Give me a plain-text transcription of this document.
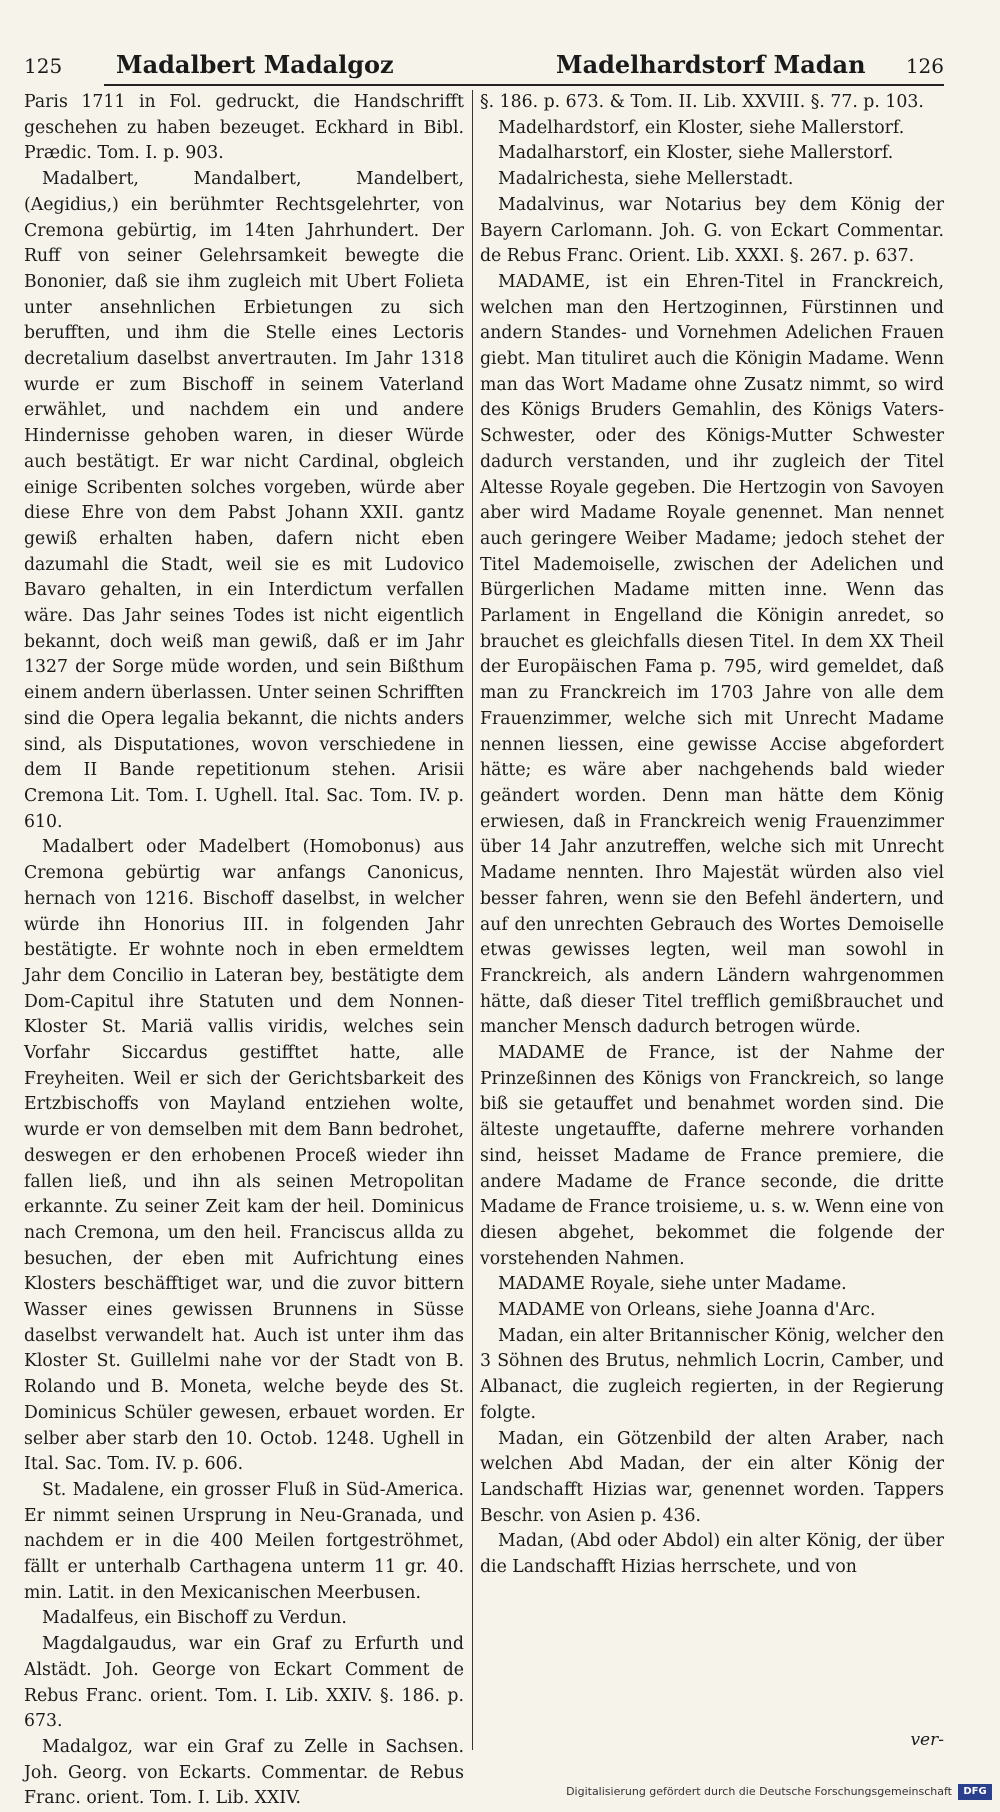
125 Madalbert Madalgoz	Madelhardstorf Madan 126

Paris 1711 in Fol. gedruckt, die Handschrifft geschehen zu haben bezeuget. Eckhard in Bibl. Prædic. Tom. I. p. 903.

Madalbert, Mandalbert, Mandelbert, (Aegidius,) ein berühmter Rechtsgelehrter, von Cremona gebürtig, im 14ten Jahrhundert. Der Ruff von seiner Gelehrsamkeit bewegte die Bononier, daß sie ihm zugleich mit Ubert Folieta unter ansehnlichen Erbietungen zu sich berufften, und ihm die Stelle eines Lectoris decretalium daselbst anvertrauten. Im Jahr 1318 wurde er zum Bischoff in seinem Vaterland erwählet, und nachdem ein und andere Hindernisse gehoben waren, in dieser Würde auch bestätigt. Er war nicht Cardinal, obgleich einige Scribenten solches vorgeben, würde aber diese Ehre von dem Pabst Johann XXII. gantz gewiß erhalten haben, dafern nicht eben dazumahl die Stadt, weil sie es mit Ludovico Bavaro gehalten, in ein Interdictum verfallen wäre. Das Jahr seines Todes ist nicht eigentlich bekannt, doch weiß man gewiß, daß er im Jahr 1327 der Sorge müde worden, und sein Bißthum einem andern überlassen. Unter seinen Schrifften sind die Opera legalia bekannt, die nichts anders sind, als Disputationes, wovon verschiedene in dem II Bande repetitionum stehen. Arisii Cremona Lit. Tom. I. Ughell. Ital. Sac. Tom. IV. p. 610.

Madalbert oder Madelbert (Homobonus) aus Cremona gebürtig war anfangs Canonicus, hernach von 1216. Bischoff daselbst, in welcher würde ihn Honorius III. in folgenden Jahr bestätigte. Er wohnte noch in eben ermeldtem Jahr dem Concilio in Lateran bey, bestätigte dem Dom-Capitul ihre Statuten und dem Nonnen-Kloster St. Mariä vallis viridis, welches sein Vorfahr Siccardus gestifftet hatte, alle Freyheiten. Weil er sich der Gerichtsbarkeit des Ertzbischoffs von Mayland entziehen wolte, wurde er von demselben mit dem Bann bedrohet, deswegen er den erhobenen Proceß wieder ihn fallen ließ, und ihn als seinen Metropolitan erkannte. Zu seiner Zeit kam der heil. Dominicus nach Cremona, um den heil. Franciscus allda zu besuchen, der eben mit Aufrichtung eines Klosters beschäfftiget war, und die zuvor bittern Wasser eines gewissen Brunnens in Süsse daselbst verwandelt hat. Auch ist unter ihm das Kloster St. Guillelmi nahe vor der Stadt von B. Rolando und B. Moneta, welche beyde des St. Dominicus Schüler gewesen, erbauet worden. Er selber aber starb den 10. Octob. 1248. Ughell in Ital. Sac. Tom. IV. p. 606.

St. Madalene, ein grosser Fluß in Süd-America. Er nimmt seinen Ursprung in Neu-Granada, und nachdem er in die 400 Meilen fortgeströhmet, fällt er unterhalb Carthagena unterm 11 gr. 40. min. Latit. in den Mexicanischen Meerbusen.

Madalfeus, ein Bischoff zu Verdun.

Magdalgaudus, war ein Graf zu Erfurth und Alstädt. Joh. George von Eckart Comment de Rebus Franc. orient. Tom. I. Lib. XXIV. §. 186. p. 673.

Madalgoz, war ein Graf zu Zelle in Sachsen. Joh. Georg. von Eckarts. Commentar. de Rebus Franc. orient. Tom. I. Lib. XXIV.

§. 186. p. 673. & Tom. II. Lib. XXVIII. §. 77. p. 103.

Madelhardstorf, ein Kloster, siehe Mallerstorf.

Madalharstorf, ein Kloster, siehe Mallerstorf.

Madalrichesta, siehe Mellerstadt.

Madalvinus, war Notarius bey dem König der Bayern Carlomann. Joh. G. von Eckart Commentar. de Rebus Franc. Orient. Lib. XXXI. §. 267. p. 637.

MADAME, ist ein Ehren-Titel in Franckreich, welchen man den Hertzoginnen, Fürstinnen und andern Standes- und Vornehmen Adelichen Frauen giebt. Man tituliret auch die Königin Madame. Wenn man das Wort Madame ohne Zusatz nimmt, so wird des Königs Bruders Gemahlin, des Königs Vaters-Schwester, oder des Königs-Mutter Schwester dadurch verstanden, und ihr zugleich der Titel Altesse Royale gegeben. Die Hertzogin von Savoyen aber wird Madame Royale genennet. Man nennet auch geringere Weiber Madame; jedoch stehet der Titel Mademoiselle, zwischen der Adelichen und Bürgerlichen Madame mitten inne. Wenn das Parlament in Engelland die Königin anredet, so brauchet es gleichfalls diesen Titel. In dem XX Theil der Europäischen Fama p. 795, wird gemeldet, daß man zu Franckreich im 1703 Jahre von alle dem Frauenzimmer, welche sich mit Unrecht Madame nennen liessen, eine gewisse Accise abgefordert hätte; es wäre aber nachgehends bald wieder geändert worden. Denn man hätte dem König erwiesen, daß in Franckreich wenig Frauenzimmer über 14 Jahr anzutreffen, welche sich mit Unrecht Madame nennten. Ihro Majestät würden also viel besser fahren, wenn sie den Befehl ändertern, und auf den unrechten Gebrauch des Wortes Demoiselle etwas gewisses legten, weil man sowohl in Franckreich, als andern Ländern wahrgenommen hätte, daß dieser Titel trefflich gemißbrauchet und mancher Mensch dadurch betrogen würde.

MADAME de France, ist der Nahme der Prinzeßinnen des Königs von Franckreich, so lange biß sie getauffet und benahmet worden sind. Die älteste ungetauffte, daferne mehrere vorhanden sind, heisset Madame de France premiere, die andere Madame de France seconde, die dritte Madame de France troisieme, u. s. w. Wenn eine von diesen abgehet, bekommet die folgende der vorstehenden Nahmen.

MADAME Royale, siehe unter Madame.

MADAME von Orleans, siehe Joanna d'Arc.

Madan, ein alter Britannischer König, welcher den 3 Söhnen des Brutus, nehmlich Locrin, Camber, und Albanact, die zugleich regierten, in der Regierung folgte.

Madan, ein Götzenbild der alten Araber, nach welchen Abd Madan, der ein alter König der Landschafft Hizias war, genennet worden. Tappers Beschr. von Asien p. 436.

Madan, (Abd oder Abdol) ein alter König, der über die Landschafft Hizias herrschete, und von

ver-
Digitalisierung gefördert durch die Deutsche Forschungsgemeinschaft	DFG
